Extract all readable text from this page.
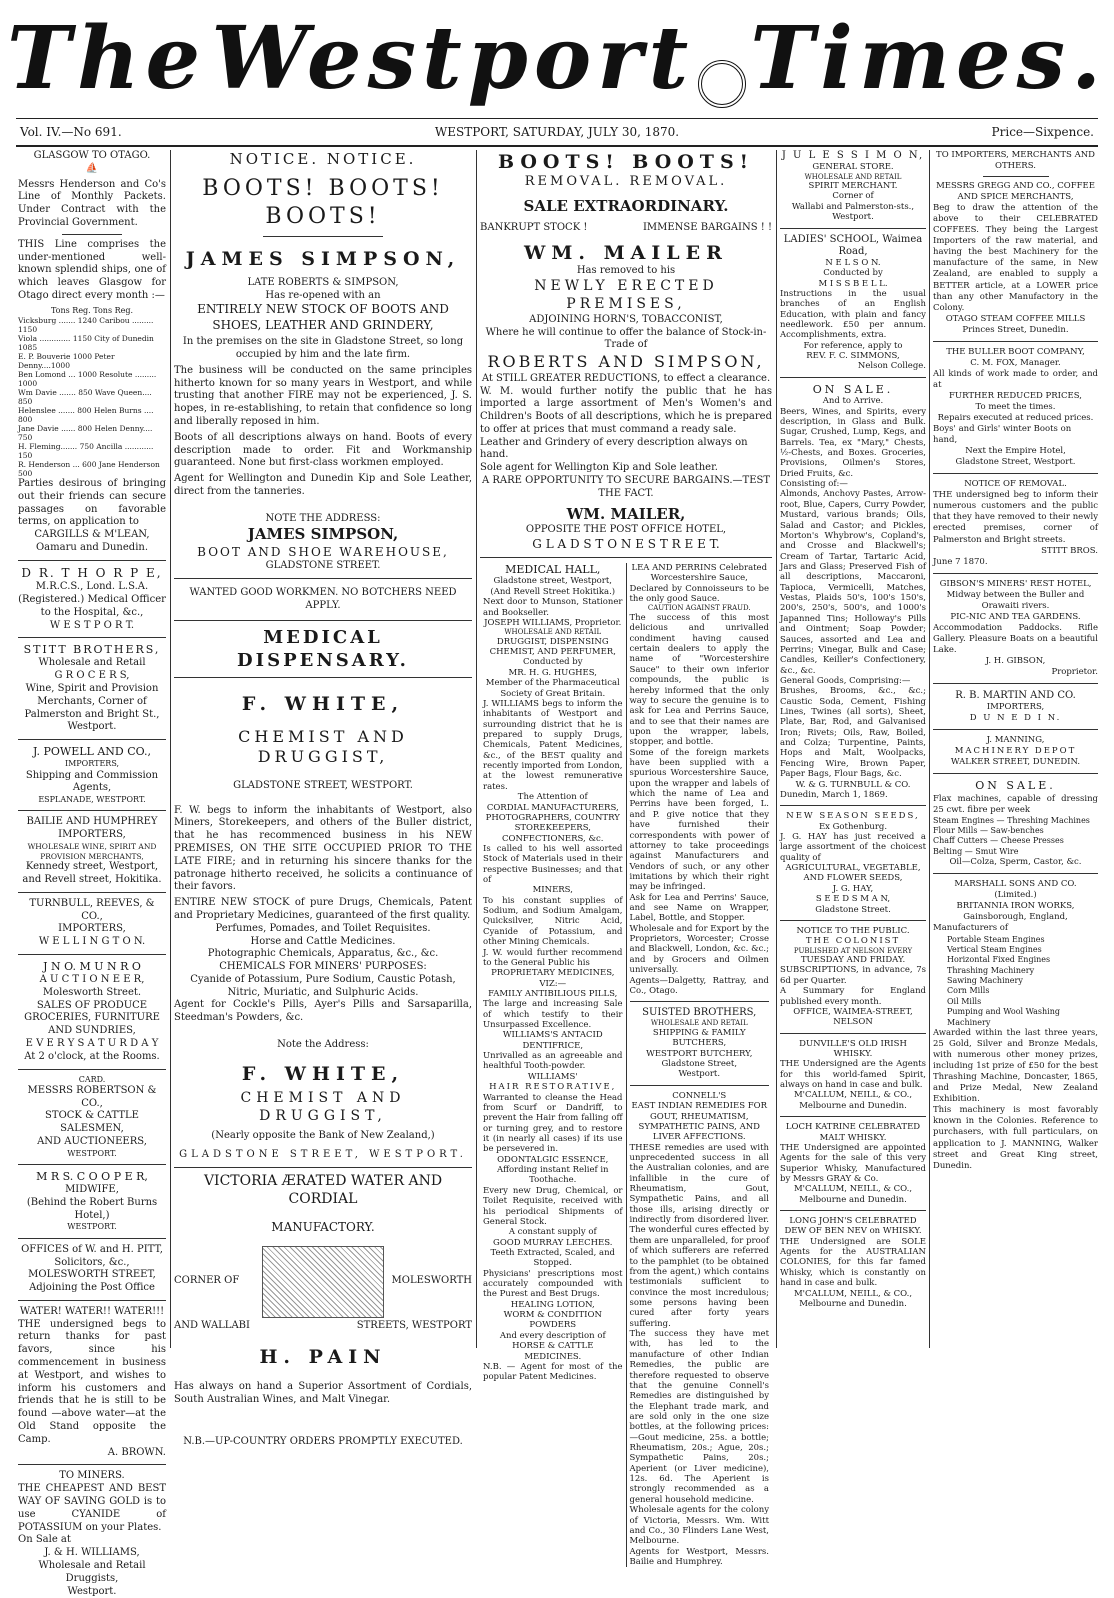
The Westport Times.
Vol. IV.—No 691.	WESTPORT, SATURDAY, JULY 30, 1870.	Price—Sixpence.
GLASGOW TO OTAGO.
⛵
Messrs Henderson and Co's Line of Monthly Packets. Under Contract with the Provincial Government.
THIS Line comprises the under-mentioned well-known splendid ships, one of which leaves Glasgow for Otago direct every month :—
Tons Reg. Tons Reg.
Vicksburg ....... 1240 Caribou ......... 1150
Viola ............. 1150 City of Dunedin 1085
E. P. Bouverie 1000 Peter Denny....1000
Ben Lomond ... 1000 Resolute ......... 1000
Wm Davie ....... 850 Wave Queen.... 850
Helenslee ....... 800 Helen Burns .... 800
Jane Davie ...... 800 Helen Denny.... 750
H. Fleming....... 750 Ancilla ............ 150
R. Henderson ... 600 Jane Henderson 500
Parties desirous of bringing out their friends can secure passages on favorable terms, on application to
CARGILLS & M'LEAN,
Oamaru and Dunedin.
D R. T H O R P E,
M.R.C.S., Lond. L.S.A. (Registered.) Medical Officer to the Hospital, &c.,
W E S T P O R T.
STITT BROTHERS,
Wholesale and Retail
G R O C E R S,
Wine, Spirit and Provision Merchants, Corner of
Palmerston and Bright St., Westport.
J. POWELL AND CO.,
IMPORTERS,
Shipping and Commission Agents,
ESPLANADE, WESTPORT.
BAILIE AND HUMPHREY IMPORTERS,
WHOLESALE WINE, SPIRIT AND PROVISION MERCHANTS,
Kennedy street, Westport, and Revell street, Hokitika.
TURNBULL, REEVES, & CO.,
IMPORTERS,
W E L L I N G T O N.
J N O. M U N R O
A U C T I O N E E R,
Molesworth Street.
SALES OF PRODUCE GROCERIES, FURNITURE AND SUNDRIES,
E V E R Y S A T U R D A Y
At 2 o'clock, at the Rooms.
CARD.
MESSRS ROBERTSON & CO.,
STOCK & CATTLE SALESMEN,
AND AUCTIONEERS,
WESTPORT.
M R S. C O O P E R,
MIDWIFE,
(Behind the Robert Burns Hotel,)
WESTPORT.
OFFICES of W. and H. PITT,
Solicitors, &c.,
MOLESWORTH STREET,
Adjoining the Post Office
WATER! WATER!! WATER!!!
THE undersigned begs to return thanks for past favors, since his commencement in business at Westport, and wishes to inform his customers and friends that he is still to be found —above water—at the Old Stand opposite the Camp.
A. BROWN.
TO MINERS.
THE CHEAPEST AND BEST WAY OF SAVING GOLD is to use CYANIDE of POTASSIUM on your Plates.
On Sale at
J. & H. WILLIAMS,
Wholesale and Retail Druggists,
Westport.
NOTICE. NOTICE.
BOOTS! BOOTS! BOOTS!
JAMES SIMPSON,
LATE ROBERTS & SIMPSON,
Has re-opened with an
ENTIRELY NEW STOCK OF BOOTS AND SHOES, LEATHER AND GRINDERY,
In the premises on the site in Gladstone Street, so long occupied by him and the late firm.
The business will be conducted on the same principles hitherto known for so many years in Westport, and while trusting that another FIRE may not be experienced, J. S. hopes, in re-establishing, to retain that confidence so long and liberally reposed in him.
Boots of all descriptions always on hand. Boots of every description made to order. Fit and Workmanship guaranteed. None but first-class workmen employed.
Agent for Wellington and Dunedin Kip and Sole Leather, direct from the tanneries.
NOTE THE ADDRESS:
JAMES SIMPSON,
BOOT AND SHOE WAREHOUSE,
GLADSTONE STREET.
WANTED GOOD WORKMEN. NO BOTCHERS NEED APPLY.
MEDICAL DISPENSARY.
F. WHITE,
CHEMIST AND DRUGGIST,
GLADSTONE STREET, WESTPORT.
F. W. begs to inform the inhabitants of Westport, also Miners, Storekeepers, and others of the Buller district, that he has recommenced business in his NEW PREMISES, ON THE SITE OCCUPIED PRIOR TO THE LATE FIRE; and in returning his sincere thanks for the patronage hitherto received, he solicits a continuance of their favors.
ENTIRE NEW STOCK of pure Drugs, Chemicals, Patent and Proprietary Medicines, guaranteed of the first quality.
Perfumes, Pomades, and Toilet Requisites.
Horse and Cattle Medicines.
Photographic Chemicals, Apparatus, &c., &c.
CHEMICALS FOR MINERS' PURPOSES:
Cyanide of Potassium, Pure Sodium, Caustic Potash, Nitric, Muriatic, and Sulphuric Acids.
Agent for Cockle's Pills, Ayer's Pills and Sarsaparilla, Steedman's Powders, &c.
Note the Address:
F. WHITE,
CHEMIST AND DRUGGIST,
(Nearly opposite the Bank of New Zealand,)
GLADSTONE STREET, WESTPORT.
VICTORIA ÆRATED WATER AND CORDIAL
MANUFACTORY.
CORNER OF	MOLESWORTH
AND WALLABI	STREETS, WESTPORT
H. PAIN
Has always on hand a Superior Assortment of Cordials, South Australian Wines, and Malt Vinegar.
N.B.—UP-COUNTRY ORDERS PROMPTLY EXECUTED.
BOOTS! BOOTS!
REMOVAL. REMOVAL.
SALE EXTRAORDINARY.
BANKRUPT STOCK !	IMMENSE BARGAINS ! !
WM. MAILER
Has removed to his
NEWLY ERECTED PREMISES,
ADJOINING HORN'S, TOBACCONIST,
Where he will continue to offer the balance of Stock-in-Trade of
ROBERTS AND SIMPSON,
At STILL GREATER REDUCTIONS, to effect a clearance.
W. M. would further notify the public that he has imported a large assortment of Men's Women's and Children's Boots of all descriptions, which he is prepared to offer at prices that must command a ready sale.
Leather and Grindery of every description always on hand.
Sole agent for Wellington Kip and Sole leather.
A RARE OPPORTUNITY TO SECURE BARGAINS.—TEST THE FACT.
WM. MAILER,
OPPOSITE THE POST OFFICE HOTEL,
G L A D S T O N E S T R E E T.
MEDICAL HALL,
Gladstone street, Westport,
(And Revell Street Hokitika.)
Next door to Munson, Stationer and Bookseller.
JOSEPH WILLIAMS, Proprietor.
WHOLESALE AND RETAIL
DRUGGIST, DISPENSING CHEMIST, AND PERFUMER,
Conducted by
MR. H. G. HUGHES,
Member of the Pharmaceutical Society of Great Britain.
J. WILLIAMS begs to inform the inhabitants of Westport and surrounding district that he is prepared to supply Drugs, Chemicals, Patent Medicines, &c., of the BEST quality and recently imported from London, at the lowest remunerative rates.
The Attention of
CORDIAL MANUFACTURERS, PHOTOGRAPHERS, COUNTRY STOREKEEPERS, CONFECTIONERS, &c.
Is called to his well assorted Stock of Materials used in their respective Businesses; and that of
MINERS,
To his constant supplies of Sodium, and Sodium Amalgam, Quicksilver, Nitric Acid, Cyanide of Potassium, and other Mining Chemicals.
J. W. would further recommend to the General Public his
PROPRIETARY MEDICINES,
VIZ:—
FAMILY ANTIBILIOUS PILLS,
The large and increasing Sale of which testify to their Unsurpassed Excellence.
WILLIAMS'S ANTACID DENTIFRICE,
Unrivalled as an agreeable and healthful Tooth-powder.
WILLIAMS'
HAIR RESTORATIVE,
Warranted to cleanse the Head from Scurf or Dandriff, to prevent the Hair from falling off or turning grey, and to restore it (in nearly all cases) if its use be persevered in.
ODONTALGIC ESSENCE,
Affording instant Relief in Toothache.
Every new Drug, Chemical, or Toilet Requisite, received with his periodical Shipments of General Stock.
A constant supply of
GOOD MURRAY LEECHES.
Teeth Extracted, Scaled, and Stopped.
Physicians' prescriptions most accurately compounded with the Purest and Best Drugs.
HEALING LOTION,
WORM & CONDITION POWDERS
And every description of
HORSE & CATTLE MEDICINES.
N.B. — Agent for most of the popular Patent Medicines.
LEA AND PERRINS Celebrated Worcestershire Sauce,
Declared by Connoisseurs to be the only good Sauce.
CAUTION AGAINST FRAUD.
The success of this most delicious and unrivalled condiment having caused certain dealers to apply the name of "Worcestershire Sauce" to their own inferior compounds, the public is hereby informed that the only way to secure the genuine is to ask for Lea and Perrins Sauce, and to see that their names are upon the wrapper, labels, stopper, and bottle.
Some of the foreign markets have been supplied with a spurious Worcestershire Sauce, upon the wrapper and labels of which the name of Lea and Perrins have been forged, L. and P. give notice that they have furnished their correspondents with power of attorney to take proceedings against Manufacturers and Vendors of such, or any other imitations by which their right may be infringed.
Ask for Lea and Perrins' Sauce, and see Name on Wrapper, Label, Bottle, and Stopper.
Wholesale and for Export by the Proprietors, Worcester; Crosse and Blackwell, London, &c. &c.; and by Grocers and Oilmen universally.
Agents—Dalgetty, Rattray, and Co., Otago.
SUISTED BROTHERS,
WHOLESALE AND RETAIL
SHIPPING & FAMILY
BUTCHERS,
WESTPORT BUTCHERY,
Gladstone Street,
Westport.
CONNELL'S
EAST INDIAN REMEDIES FOR GOUT, RHEUMATISM, SYMPATHETIC PAINS, AND LIVER AFFECTIONS.
THESE remedies are used with unprecedented success in all the Australian colonies, and are infallible in the cure of Rheumatism, Gout, Sympathetic Pains, and all those ills, arising directly or indirectly from disordered liver. The wonderful cures effected by them are unparalleled, for proof of which sufferers are referred to the pamphlet (to be obtained from the agent,) which contains testimonials sufficient to convince the most incredulous; some persons having been cured after forty years suffering.
The success they have met with, has led to the manufacture of other Indian Remedies, the public are therefore requested to observe that the genuine Connell's Remedies are distinguished by the Elephant trade mark, and are sold only in the one size bottles, at the following prices:—Gout medicine, 25s. a bottle; Rheumatism, 20s.; Ague, 20s.; Sympathetic Pains, 20s.; Aperient (or Liver medicine), 12s. 6d. The Aperient is strongly recommended as a general household medicine.
Wholesale agents for the colony of Victoria, Messrs. Wm. Witt and Co., 30 Flinders Lane West, Melbourne.
Agents for Westport, Messrs. Bailie and Humphrey.
J U L E S S I M O N,
GENERAL STORE.
WHOLESALE AND RETAIL
SPIRIT MERCHANT.
Corner of
Wallabi and Palmerston-sts., Westport.
LADIES' SCHOOL, Waimea Road,
N E L S O N.
Conducted by
M I S S B E L L.
Instructions in the usual branches of an English Education, with plain and fancy needlework. £50 per annum. Accomplishments, extra.
For reference, apply to
REV. F. C. SIMMONS,
Nelson College.
ON SALE.
And to Arrive.
Beers, Wines, and Spirits, every description, in Glass and Bulk. Sugar, Crushed, Lump, Kegs, and Barrels. Tea, ex "Mary," Chests, ½-Chests, and Boxes. Groceries, Provisions, Oilmen's Stores, Dried Fruits, &c.
Consisting of:—
Almonds, Anchovy Pastes, Arrow-root, Blue, Capers, Curry Powder, Mustard, various brands; Oils, Salad and Castor; and Pickles, Morton's Whybrow's, Copland's, and Crosse and Blackwell's; Cream of Tartar, Tartaric Acid, Jars and Glass; Preserved Fish of all descriptions, Maccaroni, Tapioca, Vermicelli, Matches, Vestas, Plaids 50's, 100's 150's, 200's, 250's, 500's, and 1000's Japanned Tins; Holloway's Pills and Ointment; Soap Powder; Sauces, assorted and Lea and Perrins; Vinegar, Bulk and Case; Candles, Keiller's Confectionery, &c., &c.
General Goods, Comprising:—
Brushes, Brooms, &c., &c.; Caustic Soda, Cement, Fishing Lines, Twines (all sorts), Sheet, Plate, Bar, Rod, and Galvanised Iron; Rivets; Oils, Raw, Boiled, and Colza; Turpentine, Paints, Hops and Malt, Woolpacks, Fencing Wire, Brown Paper, Paper Bags, Flour Bags, &c.
W. & G. TURNBULL & CO.
Dunedin, March 1, 1869.
NEW SEASON SEEDS,
Ex Gothenburg.
J. G. HAY has just received a large assortment of the choicest quality of
AGRICULTURAL, VEGETABLE, AND FLOWER SEEDS,
J. G. HAY,
S E E D S M A N,
Gladstone Street.
NOTICE TO THE PUBLIC.
THE COLONIST
PUBLISHED AT NELSON EVERY
TUESDAY AND FRIDAY.
SUBSCRIPTIONS, in advance, 7s 6d per Quarter.
A Summary for England published every month.
OFFICE, WAIMEA-STREET, NELSON
DUNVILLE'S OLD IRISH WHISKY.
THE Undersigned are the Agents for this world-famed Spirit, always on hand in case and bulk.
M'CALLUM, NEILL, & CO.,
Melbourne and Dunedin.
LOCH KATRINE CELEBRATED MALT WHISKY.
THE Undersigned are appointed Agents for the sale of this very Superior Whisky, Manufactured by Messrs GRAY & Co.
M'CALLUM, NEILL, & CO.,
Melbourne and Dunedin.
LONG JOHN'S CELEBRATED DEW OF BEN NEV on WHISKY.
THE Undersigned are SOLE Agents for the AUSTRALIAN COLONIES, for this far famed Whisky, which is constantly on hand in case and bulk.
M'CALLUM, NEILL, & CO.,
Melbourne and Dunedin.
TO IMPORTERS, MERCHANTS AND OTHERS.
MESSRS GREGG AND CO., COFFEE AND SPICE MERCHANTS,
Beg to draw the attention of the above to their CELEBRATED COFFEES. They being the Largest Importers of the raw material, and having the best Machinery for the manufacture of the same, in New Zealand, are enabled to supply a BETTER article, at a LOWER price than any other Manufactory in the Colony.
OTAGO STEAM COFFEE MILLS
Princes Street, Dunedin.
THE BULLER BOOT COMPANY,
C. M. FOX, Manager.
All kinds of work made to order, and at
FURTHER REDUCED PRICES,
To meet the times.
Repairs executed at reduced prices.
Boys' and Girls' winter Boots on hand,
Next the Empire Hotel,
Gladstone Street, Westport.
NOTICE OF REMOVAL.
THE undersigned beg to inform their numerous customers and the public that they have removed to their newly erected premises, corner of Palmerston and Bright streets.
STITT BROS.
June 7 1870.
GIBSON'S MINERS' REST HOTEL,
Midway between the Buller and Orawaiti rivers.
PIC-NIC AND TEA GARDENS.
Accommodation Paddocks. Rifle Gallery. Pleasure Boats on a beautiful Lake.
J. H. GIBSON,
Proprietor.
R. B. MARTIN AND CO.
IMPORTERS,
D U N E D I N.
J. MANNING,
MACHINERY DEPOT
WALKER STREET, DUNEDIN.
ON SALE.
Flax machines, capable of dressing 25 cwt. fibre per week
Steam Engines — Threshing Machines
Flour Mills — Saw-benches
Chaff Cutters — Cheese Presses
Belting — Smut Wire
Oil—Colza, Sperm, Castor, &c.
MARSHALL SONS AND CO. (Limited.)
BRITANNIA IRON WORKS,
Gainsborough, England,
Manufacturers of
Portable Steam Engines
Vertical Steam Engines
Horizontal Fixed Engines
Thrashing Machinery
Sawing Machinery
Corn Mills
Oil Mills
Pumping and Wool Washing Machinery
Awarded within the last three years, 25 Gold, Silver and Bronze Medals, with numerous other money prizes, including 1st prize of £50 for the best Thrashing Machine, Doncaster, 1865, and Prize Medal, New Zealand Exhibition.
This machinery is most favorably known in the Colonies. Reference to purchasers, with full particulars, on application to J. MANNING, Walker street and Great King street, Dunedin.
